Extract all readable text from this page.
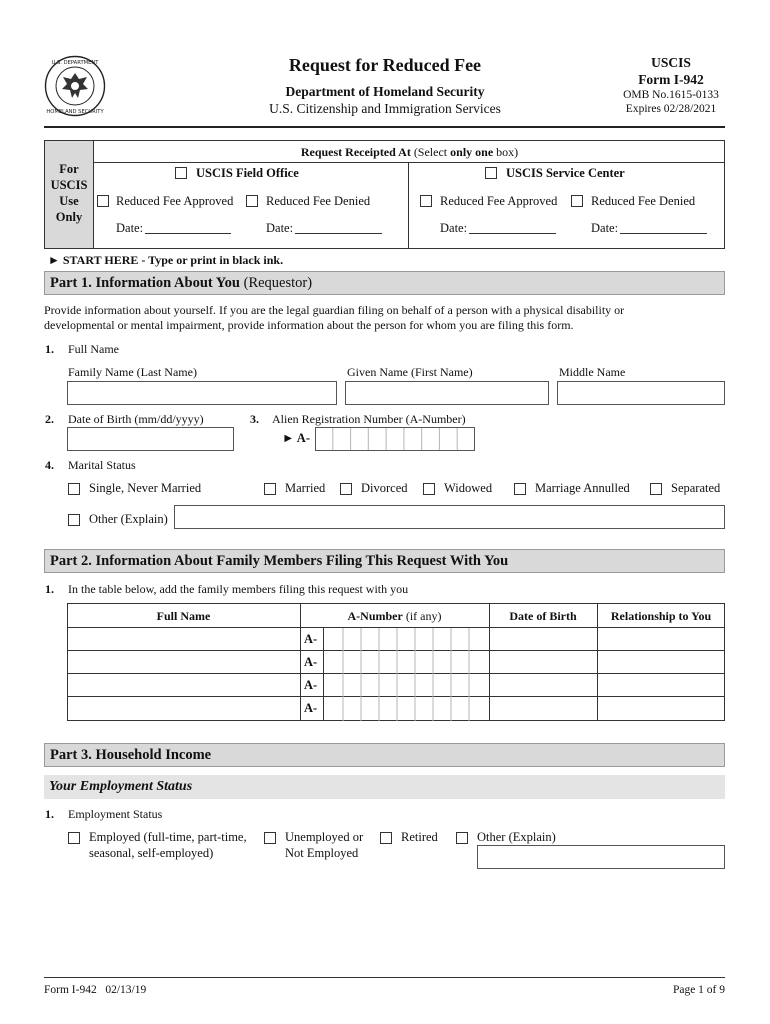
U.S. DEPARTMENT
HOMELAND SECURITY
Request for Reduced Fee
Department of Homeland Security
U.S. Citizenship and Immigration Services
USCIS
Form I-942
OMB No.1615-0133
Expires 02/28/2021
For
USCIS
Use
Only
Request Receipted At (Select only one box)
USCIS Field Office	USCIS Service Center
Reduced Fee Approved	Reduced Fee Denied	Reduced Fee Approved	Reduced Fee Denied
Date:	Date:	Date:	Date:
► START HERE - Type or print in black ink.
Part 1. Information About You (Requestor)
Provide information about yourself. If you are the legal guardian filing on behalf of a person with a physical disability or
developmental or mental impairment, provide information about the person for whom you are filing this form.
1. Full Name
Family Name (Last Name)	Given Name (First Name)	Middle Name
2. Date of Birth (mm/dd/yyyy)	3. Alien Registration Number (A-Number)
► A-
4. Marital Status
Single, Never Married	Married	Divorced	Widowed	Marriage Annulled	Separated
Other (Explain)
Part 2. Information About Family Members Filing This Request With You
1. In the table below, add the family members filing this request with you
Full Name	A-Number (if any)	Date of Birth	Relationship to You
A-
A-
A-
A-
Part 3. Household Income
Your Employment Status
1. Employment Status
Employed (full-time, part-time,
seasonal, self-employed)
Unemployed or
Not Employed
Retired	Other (Explain)
Form I-942   02/13/19	Page 1 of 9
